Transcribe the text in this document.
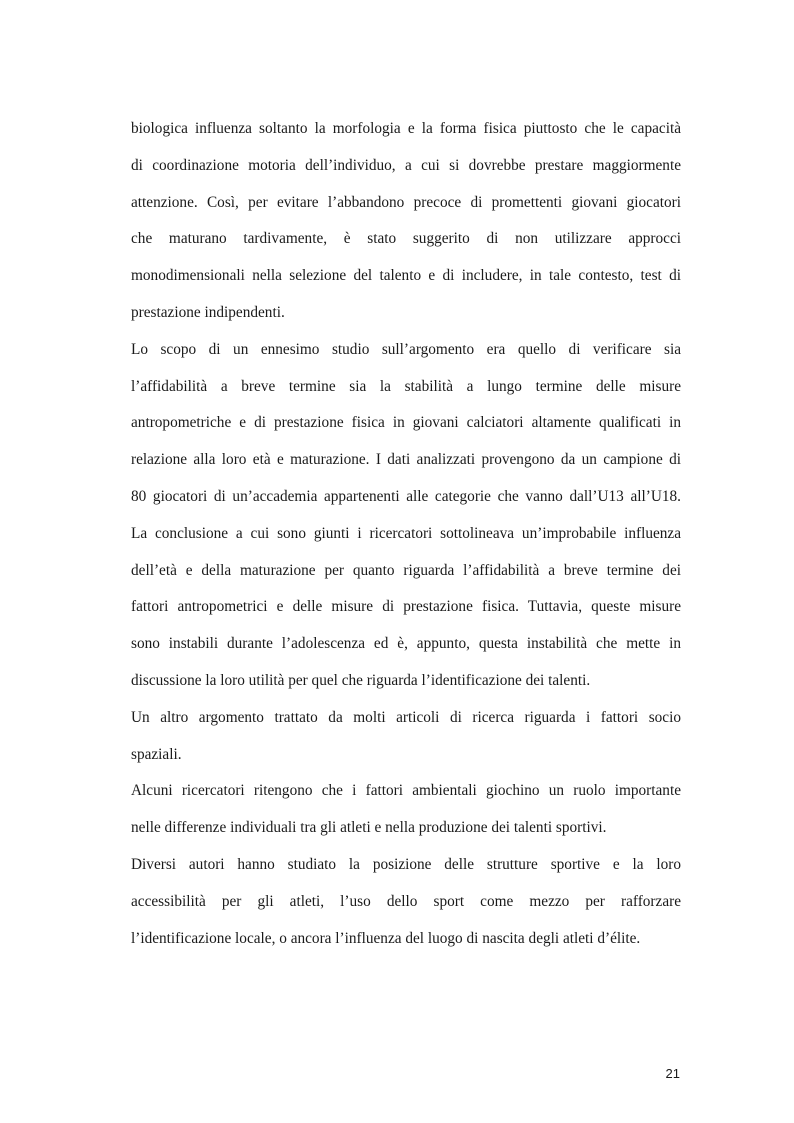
biologica influenza soltanto la morfologia e la forma fisica piuttosto che le capacità
di coordinazione motoria dell’individuo, a cui si dovrebbe prestare maggiormente
attenzione. Così, per evitare l’abbandono precoce di promettenti giovani giocatori
che maturano tardivamente, è stato suggerito di non utilizzare approcci
monodimensionali nella selezione del talento e di includere, in tale contesto, test di
prestazione indipendenti.

Lo scopo di un ennesimo studio sull’argomento era quello di verificare sia
l’affidabilità a breve termine sia la stabilità a lungo termine delle misure
antropometriche e di prestazione fisica in giovani calciatori altamente qualificati in
relazione alla loro età e maturazione. I dati analizzati provengono da un campione di
80 giocatori di un’accademia appartenenti alle categorie che vanno dall’U13 all’U18.
La conclusione a cui sono giunti i ricercatori sottolineava un’improbabile influenza
dell’età e della maturazione per quanto riguarda l’affidabilità a breve termine dei
fattori antropometrici e delle misure di prestazione fisica. Tuttavia, queste misure
sono instabili durante l’adolescenza ed è, appunto, questa instabilità che mette in
discussione la loro utilità per quel che riguarda l’identificazione dei talenti.

Un altro argomento trattato da molti articoli di ricerca riguarda i fattori socio
spaziali.

Alcuni ricercatori ritengono che i fattori ambientali giochino un ruolo importante
nelle differenze individuali tra gli atleti e nella produzione dei talenti sportivi.

Diversi autori hanno studiato la posizione delle strutture sportive e la loro
accessibilità per gli atleti, l’uso dello sport come mezzo per rafforzare
l’identificazione locale, o ancora l’influenza del luogo di nascita degli atleti d’élite.

21
